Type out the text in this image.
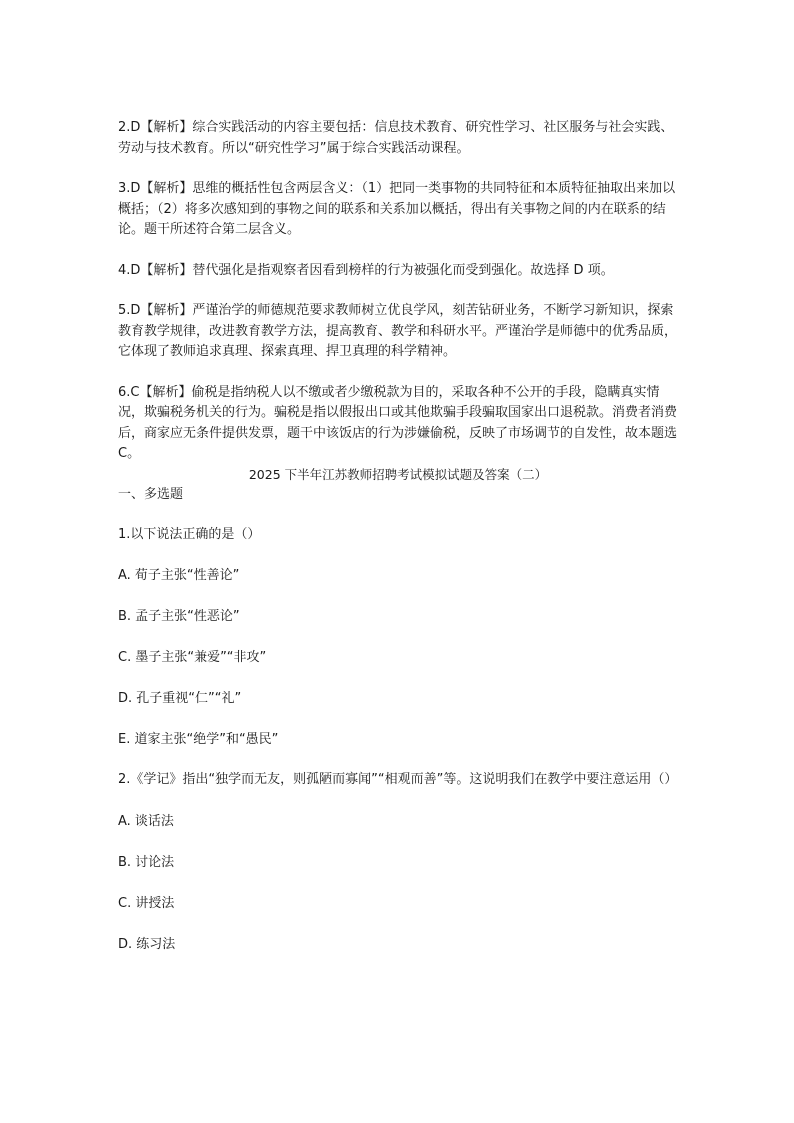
2.D【解析】综合实践活动的内容主要包括：信息技术教育、研究性学习、社区服务与社会实践、劳动与技术教育。所以“研究性学习”属于综合实践活动课程。

3.D【解析】思维的概括性包含两层含义：（1）把同一类事物的共同特征和本质特征抽取出来加以概括；（2）将多次感知到的事物之间的联系和关系加以概括，得出有关事物之间的内在联系的结论。题干所述符合第二层含义。

4.D【解析】替代强化是指观察者因看到榜样的行为被强化而受到强化。故选择 D 项。

5.D【解析】严谨治学的师德规范要求教师树立优良学风，刻苦钻研业务，不断学习新知识，探索教育教学规律，改进教育教学方法，提高教育、教学和科研水平。严谨治学是师德中的优秀品质，它体现了教师追求真理、探索真理、捍卫真理的科学精神。

6.C【解析】偷税是指纳税人以不缴或者少缴税款为目的，采取各种不公开的手段，隐瞒真实情况，欺骗税务机关的行为。骗税是指以假报出口或其他欺骗手段骗取国家出口退税款。消费者消费后，商家应无条件提供发票，题干中该饭店的行为涉嫌偷税，反映了市场调节的自发性，故本题选 C。

2025 下半年江苏教师招聘考试模拟试题及答案（二）

一、多选题

1.以下说法正确的是（）

A. 荀子主张“性善论”

B. 孟子主张“性恶论”

C. 墨子主张“兼爱”“非攻”

D. 孔子重视“仁”“礼”

E. 道家主张“绝学”和“愚民”

2.《学记》指出“独学而无友，则孤陋而寡闻”“相观而善”等。这说明我们在教学中要注意运用（）

A. 谈话法

B. 讨论法

C. 讲授法

D. 练习法
